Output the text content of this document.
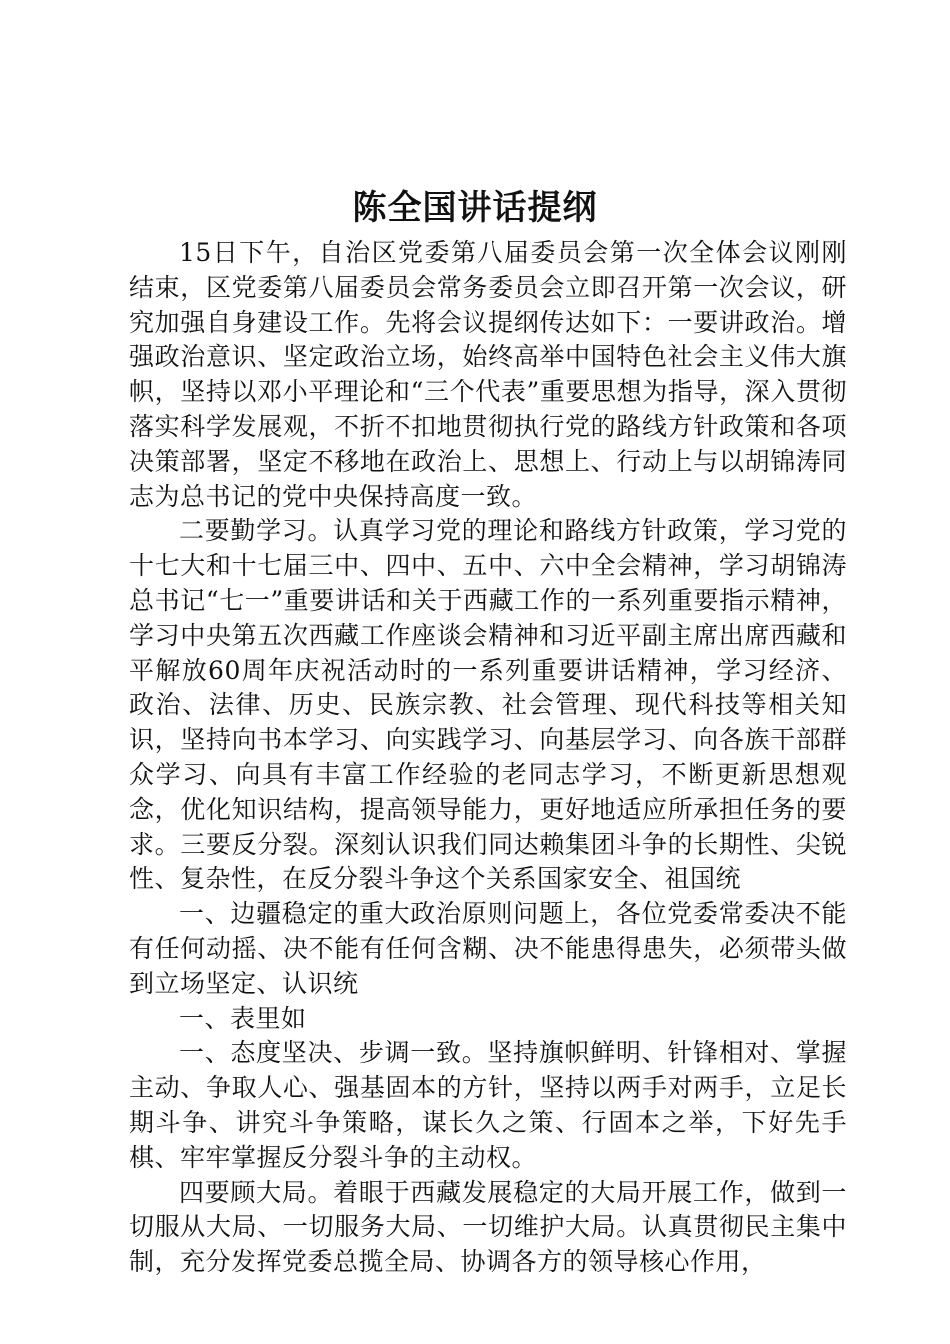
陈全国讲话提纲

15日下午，自治区党委第八届委员会第一次全体会议刚刚结束，区党委第八届委员会常务委员会立即召开第一次会议，研究加强自身建设工作。先将会议提纲传达如下：一要讲政治。增强政治意识、坚定政治立场，始终高举中国特色社会主义伟大旗帜，坚持以邓小平理论和“三个代表”重要思想为指导，深入贯彻落实科学发展观，不折不扣地贯彻执行党的路线方针政策和各项决策部署，坚定不移地在政治上、思想上、行动上与以胡锦涛同志为总书记的党中央保持高度一致。

二要勤学习。认真学习党的理论和路线方针政策，学习党的十七大和十七届三中、四中、五中、六中全会精神，学习胡锦涛总书记“七一”重要讲话和关于西藏工作的一系列重要指示精神，学习中央第五次西藏工作座谈会精神和习近平副主席出席西藏和平解放60周年庆祝活动时的一系列重要讲话精神，学习经济、政治、法律、历史、民族宗教、社会管理、现代科技等相关知识，坚持向书本学习、向实践学习、向基层学习、向各族干部群众学习、向具有丰富工作经验的老同志学习，不断更新思想观念，优化知识结构，提高领导能力，更好地适应所承担任务的要求。三要反分裂。深刻认识我们同达赖集团斗争的长期性、尖锐性、复杂性，在反分裂斗争这个关系国家安全、祖国统

一、边疆稳定的重大政治原则问题上，各位党委常委决不能有任何动摇、决不能有任何含糊、决不能患得患失，必须带头做到立场坚定、认识统

一、表里如

一、态度坚决、步调一致。坚持旗帜鲜明、针锋相对、掌握主动、争取人心、强基固本的方针，坚持以两手对两手，立足长期斗争、讲究斗争策略，谋长久之策、行固本之举，下好先手棋、牢牢掌握反分裂斗争的主动权。

四要顾大局。着眼于西藏发展稳定的大局开展工作，做到一切服从大局、一切服务大局、一切维护大局。认真贯彻民主集中制，充分发挥党委总揽全局、协调各方的领导核心作用，
